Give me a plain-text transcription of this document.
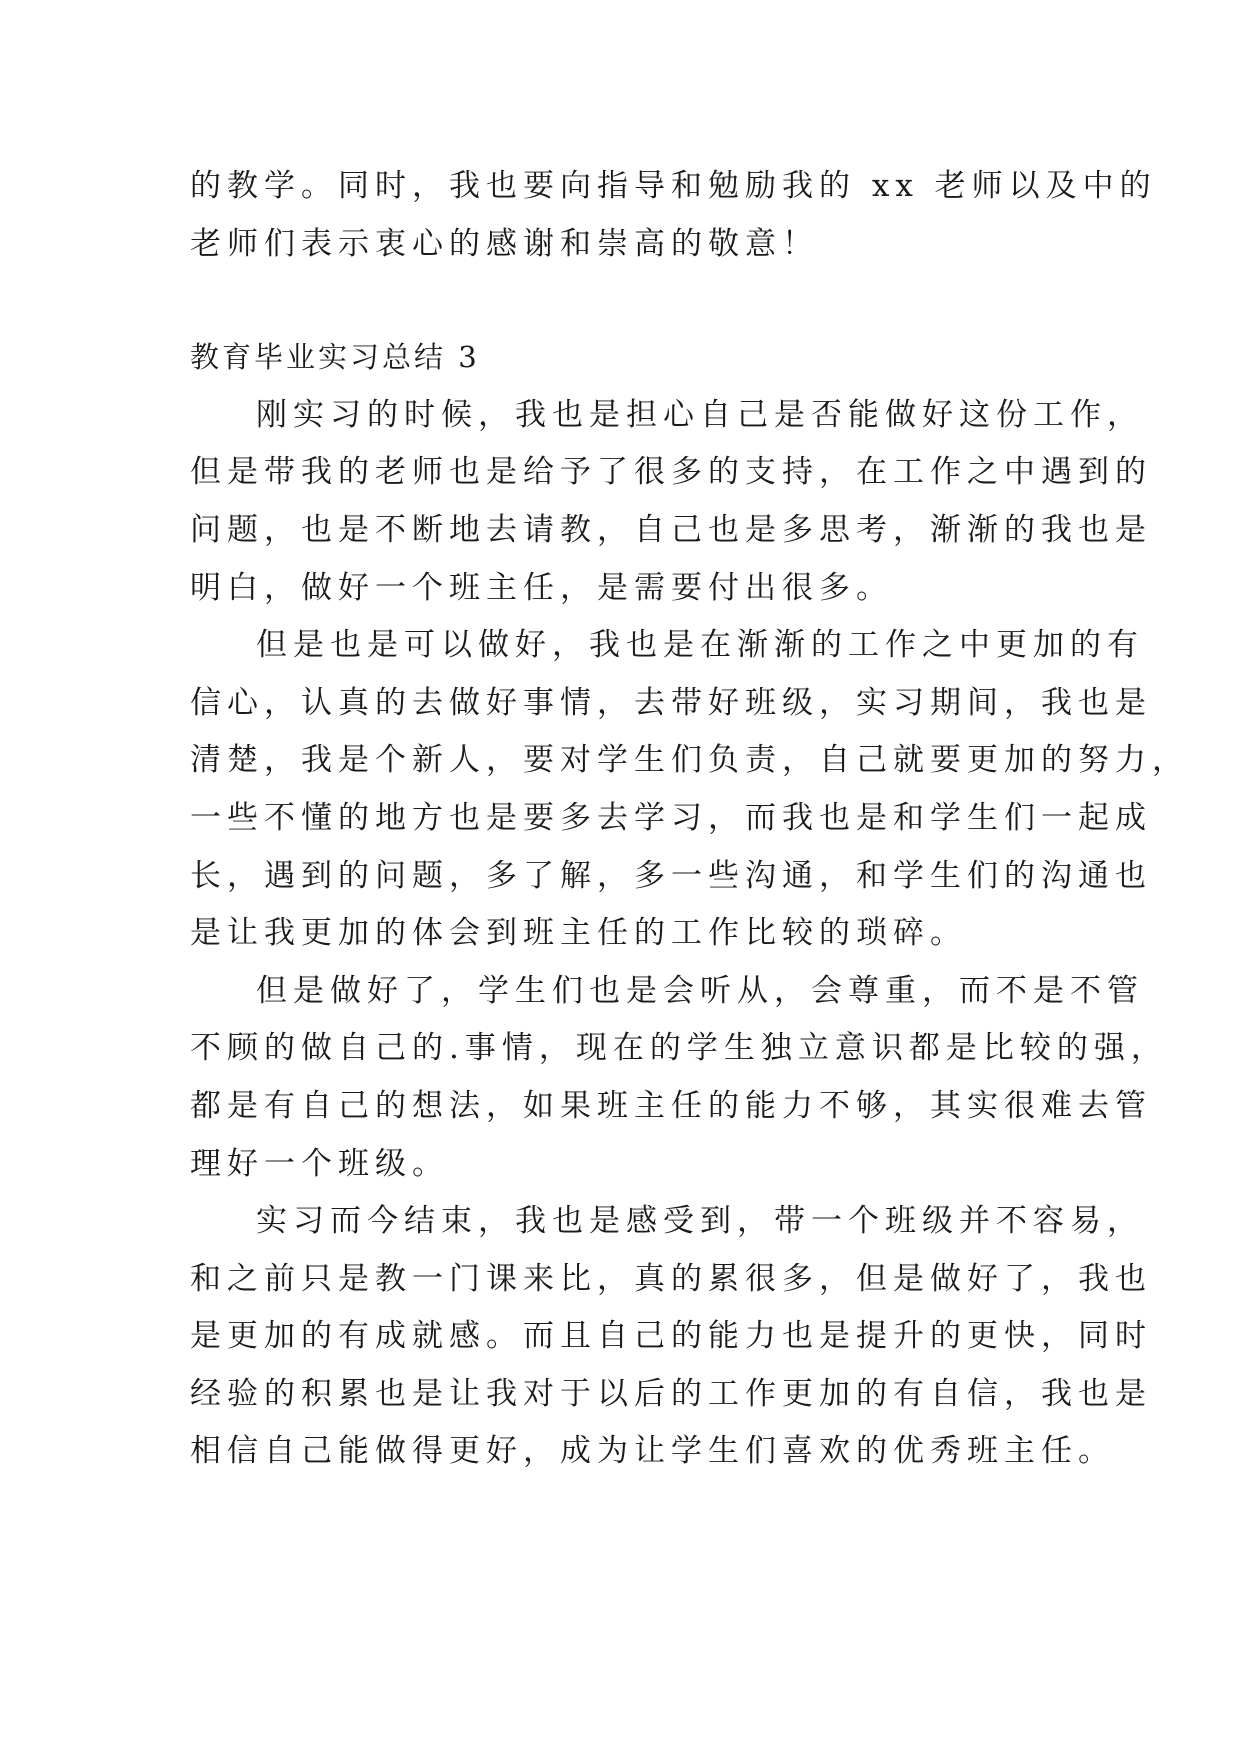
的教学。同时，我也要向指导和勉励我的 xx 老师以及中的
老师们表示衷心的感谢和崇高的敬意！
教育毕业实习总结 3
刚实习的时候，我也是担心自己是否能做好这份工作，
但是带我的老师也是给予了很多的支持，在工作之中遇到的
问题，也是不断地去请教，自己也是多思考，渐渐的我也是
明白，做好一个班主任，是需要付出很多。
但是也是可以做好，我也是在渐渐的工作之中更加的有
信心，认真的去做好事情，去带好班级，实习期间，我也是
清楚，我是个新人，要对学生们负责，自己就要更加的努力，
一些不懂的地方也是要多去学习，而我也是和学生们一起成
长，遇到的问题，多了解，多一些沟通，和学生们的沟通也
是让我更加的体会到班主任的工作比较的琐碎。
但是做好了，学生们也是会听从，会尊重，而不是不管
不顾的做自己的.事情，现在的学生独立意识都是比较的强，
都是有自己的想法，如果班主任的能力不够，其实很难去管
理好一个班级。
实习而今结束，我也是感受到，带一个班级并不容易，
和之前只是教一门课来比，真的累很多，但是做好了，我也
是更加的有成就感。而且自己的能力也是提升的更快，同时
经验的积累也是让我对于以后的工作更加的有自信，我也是
相信自己能做得更好，成为让学生们喜欢的优秀班主任。
